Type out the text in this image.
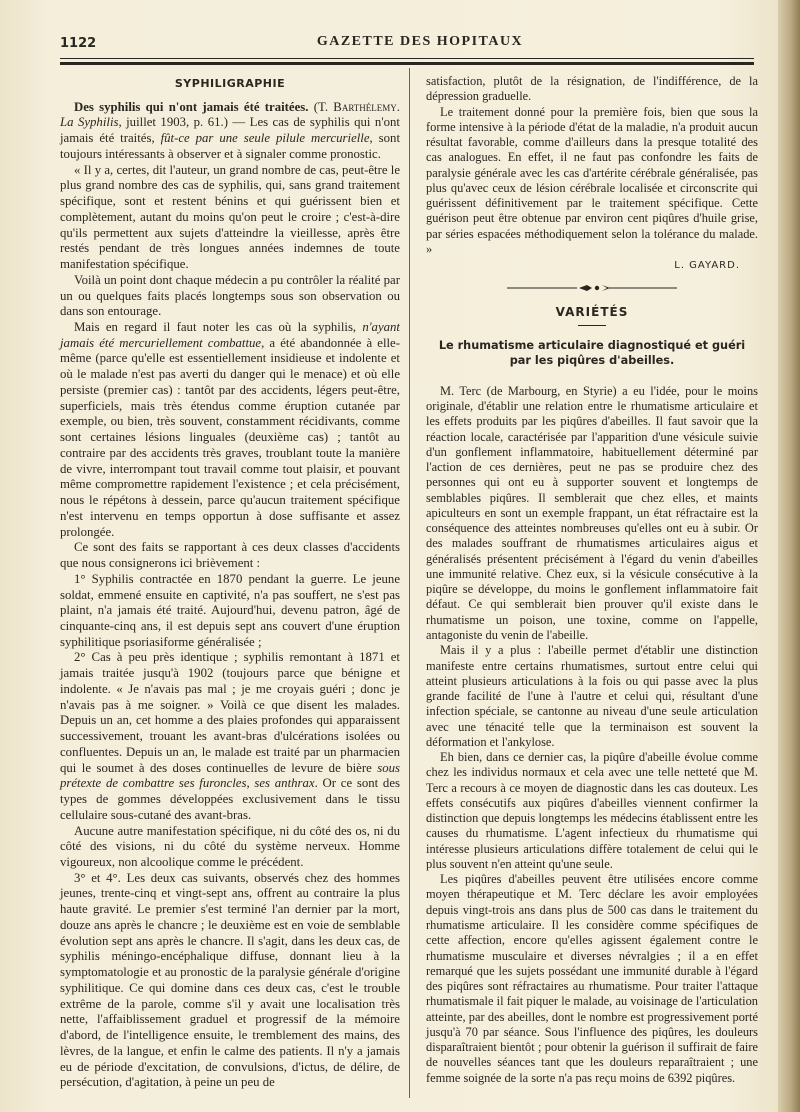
1122	GAZETTE DES HOPITAUX
SYPHILIGRAPHIE

Des syphilis qui n'ont jamais été traitées. (T. Barthélemy. La Syphilis, juillet 1903, p. 61.) — Les cas de syphilis qui n'ont jamais été traités, fût-ce par une seule pilule mercurielle, sont toujours intéressants à observer et à signaler comme pronostic.

« Il y a, certes, dit l'auteur, un grand nombre de cas, peut-être le plus grand nombre des cas de syphilis, qui, sans grand traitement spécifique, sont et restent bénins et qui guérissent bien et complètement, autant du moins qu'on peut le croire ; c'est-à-dire qu'ils permettent aux sujets d'atteindre la vieillesse, après être restés pendant de très longues années indemnes de toute manifestation spécifique.

Voilà un point dont chaque médecin a pu contrôler la réalité par un ou quelques faits placés longtemps sous son observation ou dans son entourage.

Mais en regard il faut noter les cas où la syphilis, n'ayant jamais été mercuriellement combattue, a été abandonnée à elle-même (parce qu'elle est essentiellement insidieuse et indolente et où le malade n'est pas averti du danger qui le menace) et où elle persiste (premier cas) : tantôt par des accidents, légers peut-être, superficiels, mais très étendus comme éruption cutanée par exemple, ou bien, très souvent, constamment récidivants, comme sont certaines lésions linguales (deuxième cas) ; tantôt au contraire par des accidents très graves, troublant toute la manière de vivre, interrompant tout travail comme tout plaisir, et pouvant même compromettre rapidement l'existence ; et cela précisément, nous le répétons à dessein, parce qu'aucun traitement spécifique n'est intervenu en temps opportun à dose suffisante et assez prolongée.

Ce sont des faits se rapportant à ces deux classes d'accidents que nous consignerons ici brièvement :

1° Syphilis contractée en 1870 pendant la guerre. Le jeune soldat, emmené ensuite en captivité, n'a pas souffert, ne s'est pas plaint, n'a jamais été traité. Aujourd'hui, devenu patron, âgé de cinquante-cinq ans, il est depuis sept ans couvert d'une éruption syphilitique psoriasiforme généralisée ;

2° Cas à peu près identique ; syphilis remontant à 1871 et jamais traitée jusqu'à 1902 (toujours parce que bénigne et indolente. « Je n'avais pas mal ; je me croyais guéri ; donc je n'avais pas à me soigner. » Voilà ce que disent les malades. Depuis un an, cet homme a des plaies profondes qui apparaissent successivement, trouant les avant-bras d'ulcérations isolées ou confluentes. Depuis un an, le malade est traité par un pharmacien qui le soumet à des doses continuelles de levure de bière sous prétexte de combattre ses furoncles, ses anthrax. Or ce sont des types de gommes développées exclusivement dans le tissu cellulaire sous-cutané des avant-bras.

Aucune autre manifestation spécifique, ni du côté des os, ni du côté des visions, ni du côté du système nerveux. Homme vigoureux, non alcoolique comme le précédent.

3° et 4°. Les deux cas suivants, observés chez des hommes jeunes, trente-cinq et vingt-sept ans, offrent au contraire la plus haute gravité. Le premier s'est terminé l'an dernier par la mort, douze ans après le chancre ; le deuxième est en voie de semblable évolution sept ans après le chancre. Il s'agit, dans les deux cas, de syphilis méningo-encéphalique diffuse, donnant lieu à la symptomatologie et au pronostic de la paralysie générale d'origine syphilitique. Ce qui domine dans ces deux cas, c'est le trouble extrême de la parole, comme s'il y avait une localisation très nette, l'affaiblissement graduel et progressif de la mémoire d'abord, de l'intelligence ensuite, le tremblement des mains, des lèvres, de la langue, et enfin le calme des patients. Il n'y a jamais eu de période d'excitation, de convulsions, d'ictus, de délire, de persécution, d'agitation, à peine un peu de

satisfaction, plutôt de la résignation, de l'indifférence, de la dépression graduelle.

Le traitement donné pour la première fois, bien que sous la forme intensive à la période d'état de la maladie, n'a produit aucun résultat favorable, comme d'ailleurs dans la presque totalité des cas analogues. En effet, il ne faut pas confondre les faits de paralysie générale avec les cas d'artérite cérébrale généralisée, pas plus qu'avec ceux de lésion cérébrale localisée et circonscrite qui guérissent définitivement par le traitement spécifique. Cette guérison peut être obtenue par environ cent piqûres d'huile grise, par séries espacées méthodiquement selon la tolérance du malade. »

L. GAYARD.
VARIÉTÉS
Le rhumatisme articulaire diagnostiqué et guéri par les piqûres d'abeilles.

M. Terc (de Marbourg, en Styrie) a eu l'idée, pour le moins originale, d'établir une relation entre le rhumatisme articulaire et les effets produits par les piqûres d'abeilles. Il faut savoir que la réaction locale, caractérisée par l'apparition d'une vésicule suivie d'un gonflement inflammatoire, habituellement déterminé par l'action de ces dernières, peut ne pas se produire chez des personnes qui ont eu à supporter souvent et longtemps de semblables piqûres. Il semblerait que chez elles, et maints apiculteurs en sont un exemple frappant, un état réfractaire est la conséquence des atteintes nombreuses qu'elles ont eu à subir. Or des malades souffrant de rhumatismes articulaires aigus et généralisés présentent précisément à l'égard du venin d'abeilles une immunité relative. Chez eux, si la vésicule consécutive à la piqûre se développe, du moins le gonflement inflammatoire fait défaut. Ce qui semblerait bien prouver qu'il existe dans le rhumatisme un poison, une toxine, comme on l'appelle, antagoniste du venin de l'abeille.

Mais il y a plus : l'abeille permet d'établir une distinction manifeste entre certains rhumatismes, surtout entre celui qui atteint plusieurs articulations à la fois ou qui passe avec la plus grande facilité de l'une à l'autre et celui qui, résultant d'une infection spéciale, se cantonne au niveau d'une seule articulation avec une ténacité telle que la terminaison est souvent la déformation et l'ankylose.

Eh bien, dans ce dernier cas, la piqûre d'abeille évolue comme chez les individus normaux et cela avec une telle netteté que M. Terc a recours à ce moyen de diagnostic dans les cas douteux. Les effets consécutifs aux piqûres d'abeilles viennent confirmer la distinction que depuis longtemps les médecins établissent entre les causes du rhumatisme. L'agent infectieux du rhumatisme qui intéresse plusieurs articulations diffère totalement de celui qui le plus souvent n'en atteint qu'une seule.

Les piqûres d'abeilles peuvent être utilisées encore comme moyen thérapeutique et M. Terc déclare les avoir employées depuis vingt-trois ans dans plus de 500 cas dans le traitement du rhumatisme articulaire. Il les considère comme spécifiques de cette affection, encore qu'elles agissent également contre le rhumatisme musculaire et diverses névralgies ; il a en effet remarqué que les sujets possédant une immunité durable à l'égard des piqûres sont réfractaires au rhumatisme. Pour traiter l'attaque rhumatismale il fait piquer le malade, au voisinage de l'articulation atteinte, par des abeilles, dont le nombre est progressivement porté jusqu'à 70 par séance. Sous l'influence des piqûres, les douleurs disparaîtraient bientôt ; pour obtenir la guérison il suffirait de faire de nouvelles séances tant que les douleurs reparaîtraient ; une femme soignée de la sorte n'a pas reçu moins de 6392 piqûres.
